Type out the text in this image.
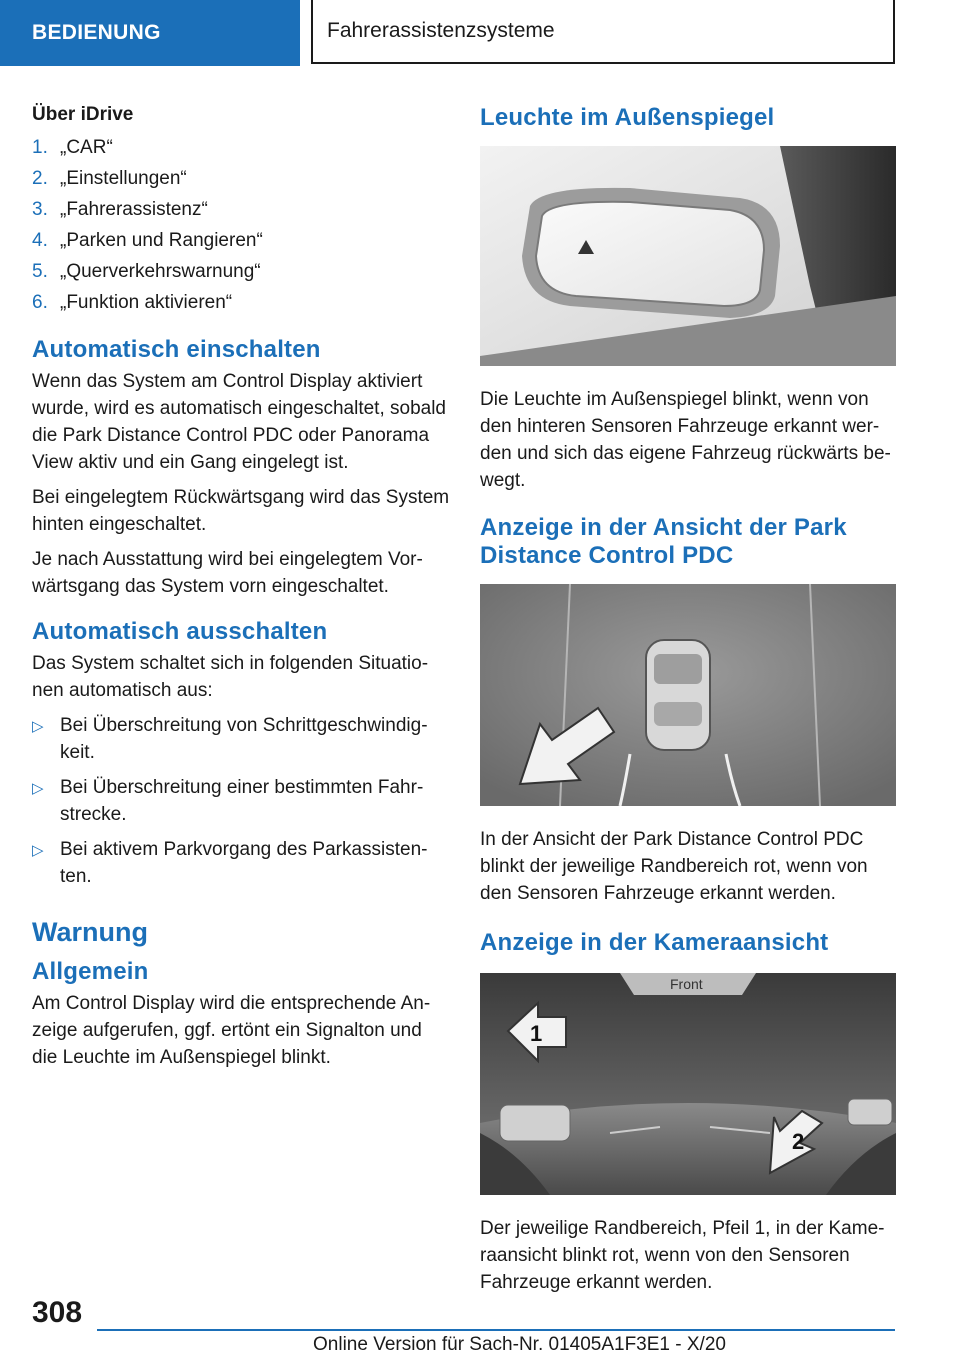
BEDIENUNG	Fahrerassistenzsysteme
Über iDrive
1. „CAR“
2. „Einstellungen“
3. „Fahrerassistenz“
4. „Parken und Rangieren“
5. „Querverkehrswarnung“
6. „Funktion aktivieren“
Automatisch einschalten

Wenn das System am Control Display aktiviert wurde, wird es automatisch eingeschaltet, sobald die Park Distance Control PDC oder Panorama View aktiv und ein Gang eingelegt ist.

Bei eingelegtem Rückwärtsgang wird das System hinten eingeschaltet.

Je nach Ausstattung wird bei eingelegtem Vorwärtsgang das System vorn eingeschaltet.

Automatisch ausschalten

Das System schaltet sich in folgenden Situationen automatisch aus:

▷ Bei Überschreitung von Schrittgeschwindigkeit.
▷ Bei Überschreitung einer bestimmten Fahrstrecke.
▷ Bei aktivem Parkvorgang des Parkassistenten.
Warnung
Allgemein

Am Control Display wird die entsprechende Anzeige aufgerufen, ggf. ertönt ein Signalton und die Leuchte im Außenspiegel blinkt.

Leuchte im Außenspiegel

Die Leuchte im Außenspiegel blinkt, wenn von den hinteren Sensoren Fahrzeuge erkannt werden und sich das eigene Fahrzeug rückwärts bewegt.

Anzeige in der Ansicht der Park Distance Control PDC

In der Ansicht der Park Distance Control PDC blinkt der jeweilige Randbereich rot, wenn von den Sensoren Fahrzeuge erkannt werden.

Anzeige in der Kameraansicht
Front
1
2

Der jeweilige Randbereich, Pfeil 1, in der Kameraansicht blinkt rot, wenn von den Sensoren Fahrzeuge erkannt werden.

308
Online Version für Sach-Nr. 01405A1F3E1 - X/20
